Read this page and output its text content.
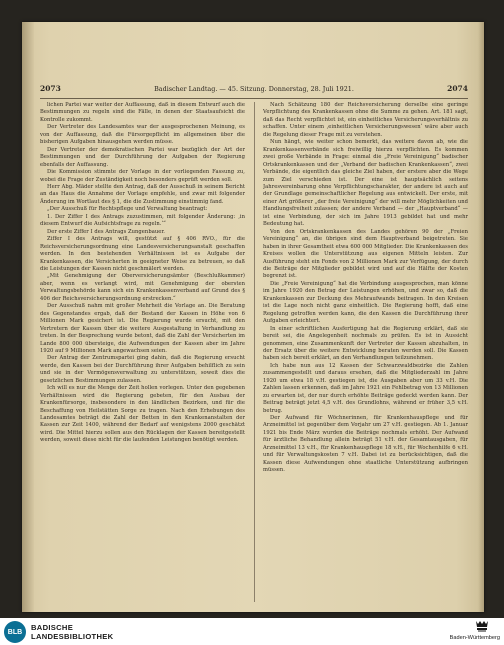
2073	Badischer Landtag. — 45. Sitzung. Donnerstag, 28. Juli 1921.	2074

lichen Partei war weiter der Auffassung, daß in diesem Entwurf auch die Bestimmungen zu regeln sind die Fälle, in denen der Staatsaufsicht die Kontrolle zukommt.

Der Vertreter des Landesamtes war der ausgesprochenen Meinung, es von der Auffassung, daß die Fürsorgepflicht im allgemeinen über die bisherigen Aufgaben hinausgehen werden müsse.

Der Vertreter der demokratischen Partei war bezüglich der Art der Bestimmungen und der Durchführung der Aufgaben der Regierung ebenfalls der Auffassung.

Die Kommission stimmte der Vorlage in der vorliegenden Fassung zu, wobei die Frage der Zuständigkeit noch besonders geprüft werden soll.

Herr Abg. Mäder stellte den Antrag, daß der Ausschuß in seinem Bericht an das Haus die Annahme der Vorlage empfehle, und zwar mit folgender Änderung im Wortlaut des § 1, die die Zustimmung einstimmig fand.

„Der Ausschuß für Rechtspflege und Verwaltung beantragt:

1. Der Ziffer I des Antrags zuzustimmen, mit folgender Änderung: ‚in diesem Entwurf die Aufsichtsfrage zu regeln.‘“

Der erste Ziffer I des Antrags Zungenbauer.

Ziffer I des Antrags will, gestützt auf § 406 RVO., für die Reichsversicherungsordnung eine Landesversicherungsanstalt geschaffen werden. In den bestehenden Verhältnissen ist es Aufgabe der Krankenkassen, die Versicherten in geeigneter Weise zu betreuen, so daß die Leistungen der Kassen nicht geschmälert werden.

„Mit Genehmigung der Oberversicherungsämter (Beschlußkammer) aber, wenn es verlangt wird, mit Genehmigung der obersten Verwaltungsbehörde kann sich ein Krankenkassenverband auf Grund des § 406 der Reichsversicherungsordnung erstrecken.“

Der Ausschuß nahm mit großer Mehrheit die Vorlage an. Die Beratung des Gegenstandes ergab, daß der Bestand der Kassen in Höhe von 6 Millionen Mark gesichert ist. Die Regierung wurde ersucht, mit den Vertretern der Kassen über die weitere Ausgestaltung in Verhandlung zu treten. In der Besprechung wurde betont, daß die Zahl der Versicherten im Lande 800 000 übersteige, die Aufwendungen der Kassen aber im Jahre 1920 auf 9 Millionen Mark angewachsen seien.

Der Antrag der Zentrumspartei ging dahin, daß die Regierung ersucht werde, den Kassen bei der Durchführung ihrer Aufgaben behilflich zu sein und sie in der Vermögensverwaltung zu unterstützen, soweit dies die gesetzlichen Bestimmungen zulassen.

Ich will es nur die Menge der Zeit hollen vorlegen. Unter den gegebenen Verhältnissen wird die Regierung gebeten, für den Ausbau der Krankenfürsorge, insbesondere in den ländlichen Bezirken, und für die Beschaffung von Heilstätten Sorge zu tragen. Nach den Erhebungen des Landesamtes beträgt die Zahl der Betten in den Krankenanstalten der Kassen zur Zeit 1400, während der Bedarf auf wenigstens 2000 geschätzt wird. Die Mittel hierzu sollen aus den Rücklagen der Kassen bereitgestellt werden, soweit diese nicht für die laufenden Leistungen benötigt werden.

Nach Schätzung 180 der Reichsversicherung derselbe eine geringe Verpflichtung des Krankenkassen ohne die Summe zu gehen. Art. 181 sagt, daß das Recht verpflichtet ist, ein einheitliches Versicherungsverhältnis zu schaffen. Unter einem ‚einheitlichen Versicherungswesen‘ wäre aber auch die Regelung dieser Frage mit zu verstehen.

Nun hängt, wie weiter schon bemerkt, das weitere davon ab, wie die Krankenkassenverbände sich freiwillig hierzu verpflichten. Es kommen zwei große Verbände in Frage: einmal die „Freie Vereinigung“ badischer Ortskrankenkassen und der „Verband der badischen Krankenkassen“, zwei Verbände, die eigentlich das gleiche Ziel haben, der erstere aber die Wege zum Ziel verschieden ist. Der eine ist hauptsächlich seitens Jahresvereinbarung ohne Verpflichtungscharakter, der andere ist auch auf der Grundlage gemeinschaftlicher Regelung aus entwickelt. Der erste, mit einer Art größerer „der freie Vereinigung“ der will mehr Möglichkeiten und Handlungsfreiheit zulassen; der andere Verband — der „Hauptverband“ — ist eine Verbindung, der sich im Jahre 1913 gebildet hat und mehr Bedeutung hat.

Von den Ortskrankenkassen des Landes gehören 90 der „Freien Vereinigung“ an, die übrigen sind dem Hauptverband beigetreten. Sie haben in ihrer Gesamtheit etwa 600 000 Mitglieder. Die Krankenkassen des Kreises wollen die Unterstützung aus eigenen Mitteln leisten. Zur Ausführung steht ein Fonds von 2 Millionen Mark zur Verfügung, der durch die Beiträge der Mitglieder gebildet wird und auf die Hälfte der Kosten begrenzt ist.

Die „Freie Vereinigung“ hat die Verbindung ausgesprochen, man könne im Jahre 1920 den Betrag der Leistungen erhöhen, und zwar so, daß die Krankenkassen zur Deckung des Mehraufwands beitragen. In den Kreisen ist die Lage noch nicht ganz einheitlich. Die Regierung hofft, daß eine Regelung getroffen werden kann, die den Kassen die Durchführung ihrer Aufgaben erleichtert.

In einer schriftlichen Ausfertigung hat die Regierung erklärt, daß sie bereit sei, die Angelegenheit nochmals zu prüfen. Es ist in Aussicht genommen, eine Zusammenkunft der Vertreter der Kassen abzuhalten, in der Ersatz über die weitere Entwicklung beraten werden soll. Die Kassen haben sich bereit erklärt, an den Verhandlungen teilzunehmen.

Ich habe nun aus 12 Kassen der Schwarzwaldbezirke die Zahlen zusammengestellt und daraus ersehen, daß die Mitgliederzahl im Jahre 1920 um etwa 18 v.H. gestiegen ist, die Ausgaben aber um 33 v.H. Die Zahlen lassen erkennen, daß im Jahre 1921 ein Fehlbetrag von 13 Millionen zu erwarten ist, der nur durch erhöhte Beiträge gedeckt werden kann. Der Beitrag beträgt jetzt 4,5 v.H. des Grundlohns, während er früher 3,5 v.H. betrug.

Der Aufwand für Wöchnerinnen, für Krankenhauspflege und für Arzneimittel ist gegenüber dem Vorjahr um 27 v.H. gestiegen. Ab 1. Januar 1921 bis Ende März wurden die Beiträge nochmals erhöht. Der Aufwand für ärztliche Behandlung allein beträgt 51 v.H. der Gesamtausgaben, für Arzneimittel 13 v.H., für Krankenhauspflege 18 v.H., für Wochenhilfe 6 v.H. und für Verwaltungskosten 7 v.H. Dabei ist zu berücksichtigen, daß die Kassen diese Aufwendungen ohne staatliche Unterstützung aufbringen müssen.

BLB	BADISCHE
LANDESBIBLIOTHEK	Baden-Württemberg
